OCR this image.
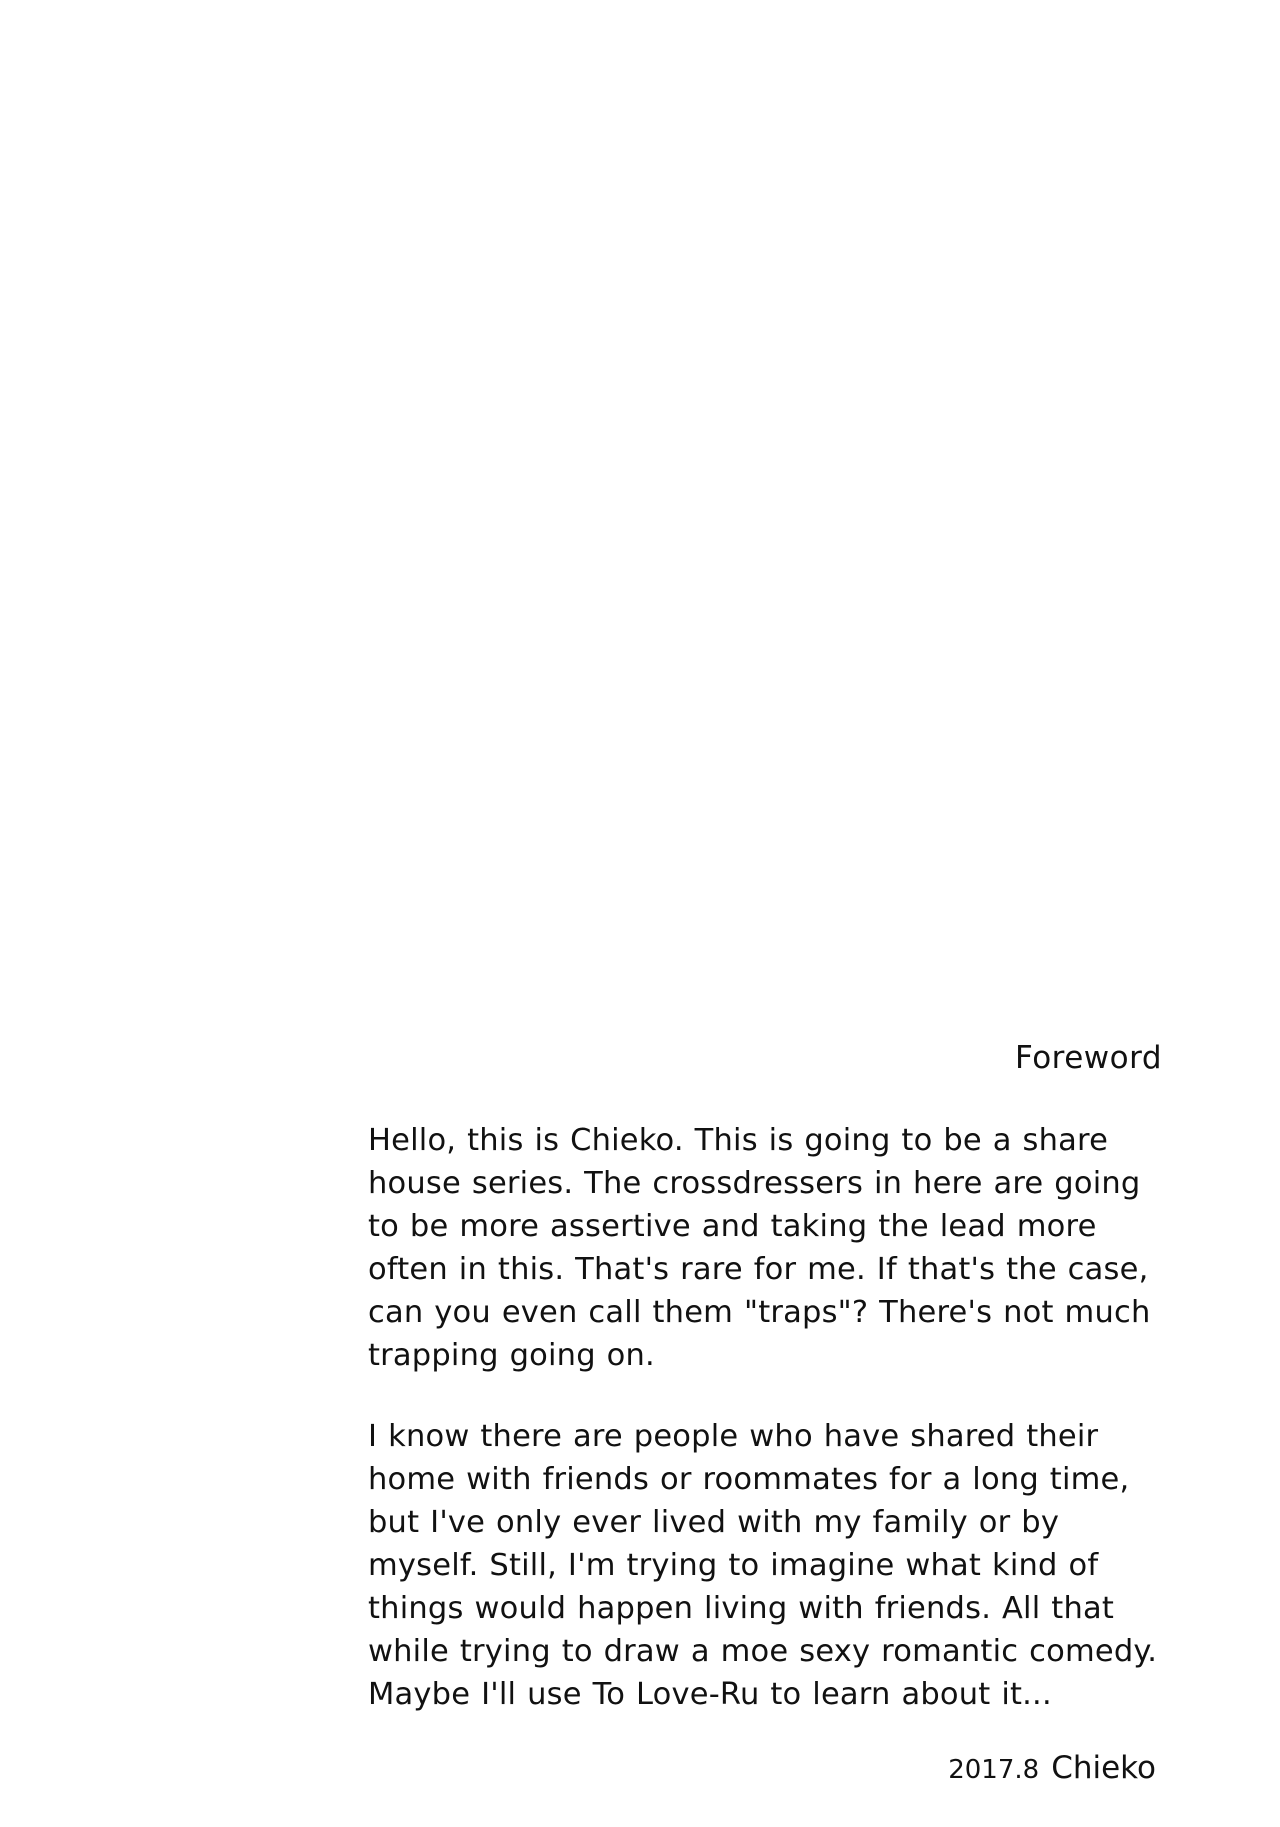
Foreword

Hello, this is Chieko. This is going to be a share house series. The crossdressers in here are going to be more assertive and taking the lead more often in this. That's rare for me. If that's the case, can you even call them "traps"? There's not much trapping going on.

I know there are people who have shared their home with friends or roommates for a long time, but I've only ever lived with my family or by myself. Still, I'm trying to imagine what kind of things would happen living with friends. All that while trying to draw a moe sexy romantic comedy. Maybe I'll use To Love-Ru to learn about it...

2017.8 Chieko
